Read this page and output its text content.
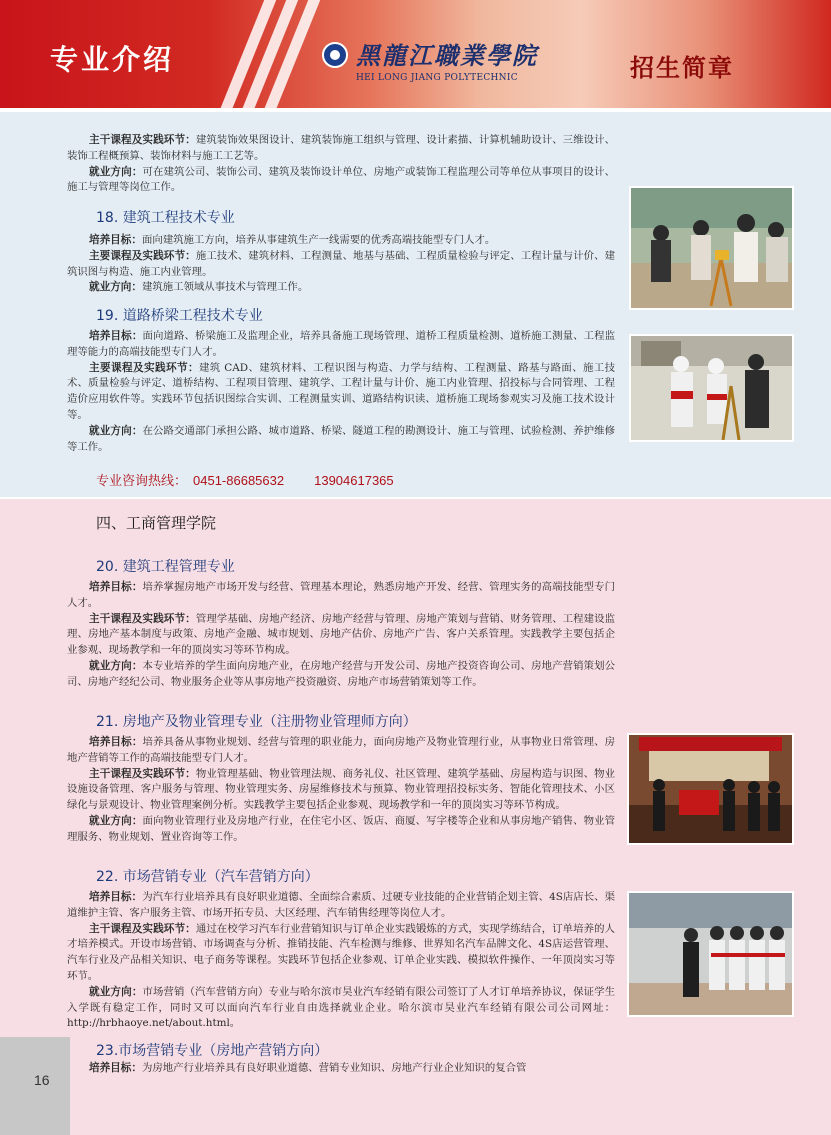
专业介绍	黑龍江職業學院
HEI LONG JIANG POLYTECHNIC	招生简章
16
主干课程及实践环节：建筑装饰效果图设计、建筑装饰施工组织与管理、设计素描、计算机辅助设计、三维设计、装饰工程概预算、装饰材料与施工工艺等。
就业方向：可在建筑公司、装饰公司、建筑及装饰设计单位、房地产或装饰工程监理公司等单位从事项目的设计、施工与管理等岗位工作。
18. 建筑工程技术专业
培养目标：面向建筑施工方向，培养从事建筑生产一线需要的优秀高端技能型专门人才。
主要课程及实践环节：施工技术、建筑材料、工程测量、地基与基础、工程质量检验与评定、工程计量与计价、建筑识图与构造、施工内业管理。
就业方向：建筑施工领域从事技术与管理工作。
19. 道路桥梁工程技术专业
培养目标：面向道路、桥梁施工及监理企业，培养具备施工现场管理、道桥工程质量检测、道桥施工测量、工程监理等能力的高端技能型专门人才。
主要课程及实践环节：建筑 CAD、建筑材料、工程识图与构造、力学与结构、工程测量、路基与路面、施工技术、质量检验与评定、道桥结构、工程项目管理、建筑学、工程计量与计价、施工内业管理、招投标与合同管理、工程造价应用软件等。实践环节包括识图综合实训、工程测量实训、道路结构识读、道桥施工现场参观实习及施工技术设计等。
就业方向：在公路交通部门承担公路、城市道路、桥梁、隧道工程的勘测设计、施工与管理、试验检测、养护维修等工作。
专业咨询热线： 0451-86685632 13904617365
四、工商管理学院
20. 建筑工程管理专业
培养目标：培养掌握房地产市场开发与经营、管理基本理论，熟悉房地产开发、经营、管理实务的高端技能型专门人才。
主干课程及实践环节：管理学基础、房地产经济、房地产经营与管理、房地产策划与营销、财务管理、工程建设监理、房地产基本制度与政策、房地产金融、城市规划、房地产估价、房地产广告、客户关系管理。实践教学主要包括企业参观、现场教学和一年的顶岗实习等环节构成。
就业方向：本专业培养的学生面向房地产业，在房地产经营与开发公司、房地产投资咨询公司、房地产营销策划公司、房地产经纪公司、物业服务企业等从事房地产投资融资、房地产市场营销策划等工作。
21. 房地产及物业管理专业（注册物业管理师方向）
培养目标：培养具备从事物业规划、经营与管理的职业能力，面向房地产及物业管理行业，从事物业日常管理、房地产营销等工作的高端技能型专门人才。
主干课程及实践环节：物业管理基础、物业管理法规、商务礼仪、社区管理、建筑学基础、房屋构造与识图、物业设施设备管理、客户服务与管理、物业管理实务、房屋维修技术与预算、物业管理招投标实务、智能化管理技术、小区绿化与景观设计、物业管理案例分析。实践教学主要包括企业参观、现场教学和一年的顶岗实习等环节构成。
就业方向：面向物业管理行业及房地产行业，在住宅小区、饭店、商厦、写字楼等企业和从事房地产销售、物业管理服务、物业规划、置业咨询等工作。
22. 市场营销专业（汽车营销方向）
培养目标：为汽车行业培养具有良好职业道德、全面综合素质、过硬专业技能的企业营销企划主管、4S店店长、渠道维护主管、客户服务主管、市场开拓专员、大区经理、汽车销售经理等岗位人才。
主干课程及实践环节：通过在校学习汽车行业营销知识与订单企业实践锻炼的方式，实现学练结合，订单培养的人才培养模式。开设市场营销、市场调查与分析、推销技能、汽车检测与维修、世界知名汽车品牌文化、4S店运营管理、汽车行业及产品相关知识、电子商务等课程。实践环节包括企业参观、订单企业实践、模拟软件操作、一年顶岗实习等环节。
就业方向：市场营销（汽车营销方向）专业与哈尔滨市昊业汽车经销有限公司签订了人才订单培养协议，保证学生入学既有稳定工作，同时又可以面向汽车行业自由选择就业企业。哈尔滨市昊业汽车经销有限公司公司网址：http://hrbhaoye.net/about.html。
23.市场营销专业（房地产营销方向）
培养目标：为房地产行业培养具有良好职业道德、营销专业知识、房地产行业企业知识的复合管
